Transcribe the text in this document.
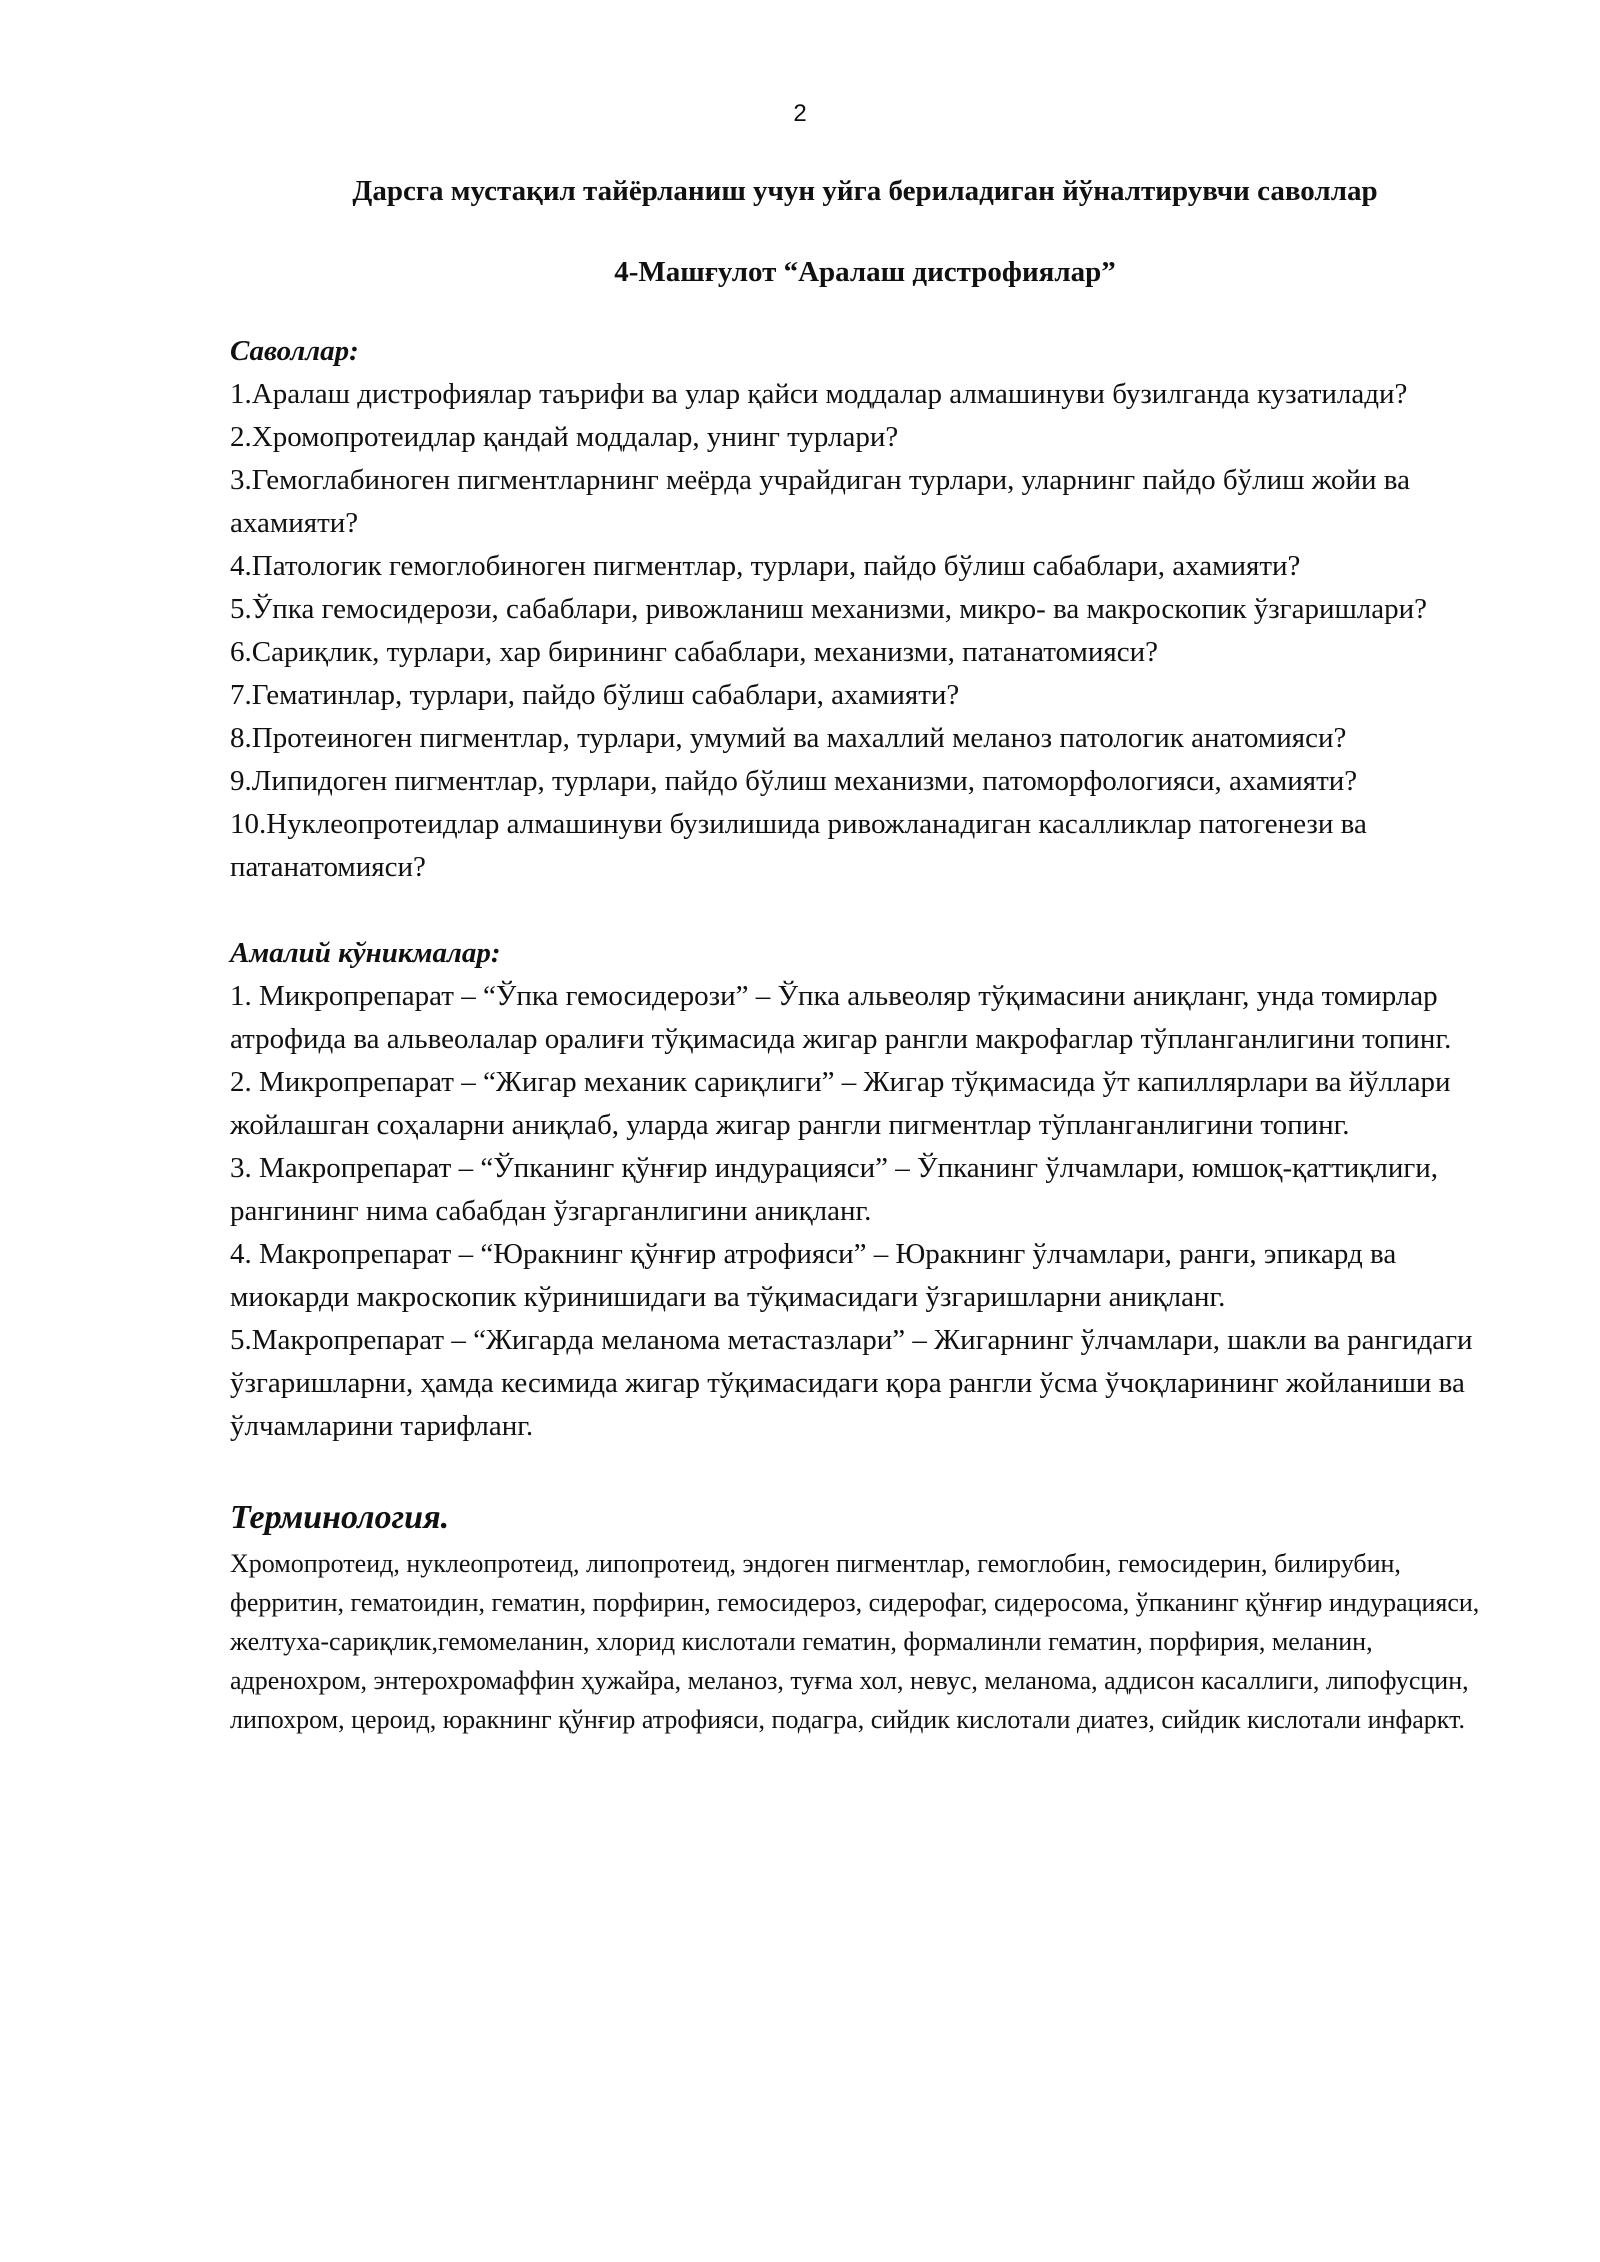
2

Дарсга мустақил тайёрланиш учун уйга бериладиган йўналтирувчи саволлар

4-Машғулот “Аралаш дистрофиялар”

Саволлар:

1.Аралаш дистрофиялар таърифи ва улар қайси моддалар алмашинуви бузилганда кузатилади?

2.Хромопротеидлар қандай моддалар, унинг турлари?

3.Гемоглабиноген пигментларнинг меёрда учрайдиган турлари, уларнинг пайдо бўлиш жойи ва ахамияти?

4.Патологик гемоглобиноген пигментлар, турлари, пайдо бўлиш сабаблари, ахамияти?

5.Ўпка гемосидерози, сабаблари, ривожланиш механизми, микро- ва макроскопик ўзгаришлари?

6.Сариқлик, турлари, хар бирининг сабаблари, механизми, патанатомияси?

7.Гематинлар, турлари, пайдо бўлиш сабаблари, ахамияти?

8.Протеиноген пигментлар, турлари, умумий ва махаллий меланоз патологик анатомияси?

9.Липидоген пигментлар, турлари, пайдо бўлиш механизми, патоморфологияси, ахамияти?

10.Нуклеопротеидлар алмашинуви бузилишида ривожланадиган касалликлар патогенези ва патанатомияси?

Амалий кўникмалар:

1. Микропрепарат – “Ўпка гемосидерози” – Ўпка альвеоляр тўқимасини аниқланг, унда томирлар атрофида ва альвеолалар оралиғи тўқимасида жигар рангли макрофаглар тўпланганлигини топинг.

2. Микропрепарат – “Жигар механик сариқлиги” – Жигар тўқимасида ўт капиллярлари ва йўллари жойлашган соҳаларни аниқлаб, уларда жигар рангли пигментлар тўпланганлигини топинг.

3. Макропрепарат – “Ўпканинг қўнғир индурацияси” – Ўпканинг ўлчамлари, юмшоқ-қаттиқлиги, рангининг нима сабабдан ўзгарганлигини аниқланг.

4. Макропрепарат – “Юракнинг қўнғир атрофияси” – Юракнинг ўлчамлари, ранги, эпикард ва миокарди макроскопик кўринишидаги ва тўқимасидаги ўзгаришларни аниқланг.

5.Макропрепарат – “Жигарда меланома метастазлари” – Жигарнинг ўлчамлари, шакли ва рангидаги ўзгаришларни, ҳамда кесимида жигар тўқимасидаги қора рангли ўсма ўчоқларининг жойланиши ва ўлчамларини тарифланг.

Терминология.

Хромопротеид, нуклеопротеид, липопротеид, эндоген пигментлар, гемоглобин, гемосидерин, билирубин, ферритин, гематоидин, гематин, порфирин, гемосидероз, сидерофаг, сидеросома, ўпканинг қўнғир индурацияси, желтуха-сариқлик,гемомеланин, хлорид кислотали гематин, формалинли гематин, порфирия, меланин, адренохром, энтерохромаффин ҳужайра, меланоз, туғма хол, невус, меланома, аддисон касаллиги, липофусцин, липохром, цероид, юракнинг қўнғир атрофияси, подагра, сийдик кислотали диатез, сийдик кислотали инфаркт.
